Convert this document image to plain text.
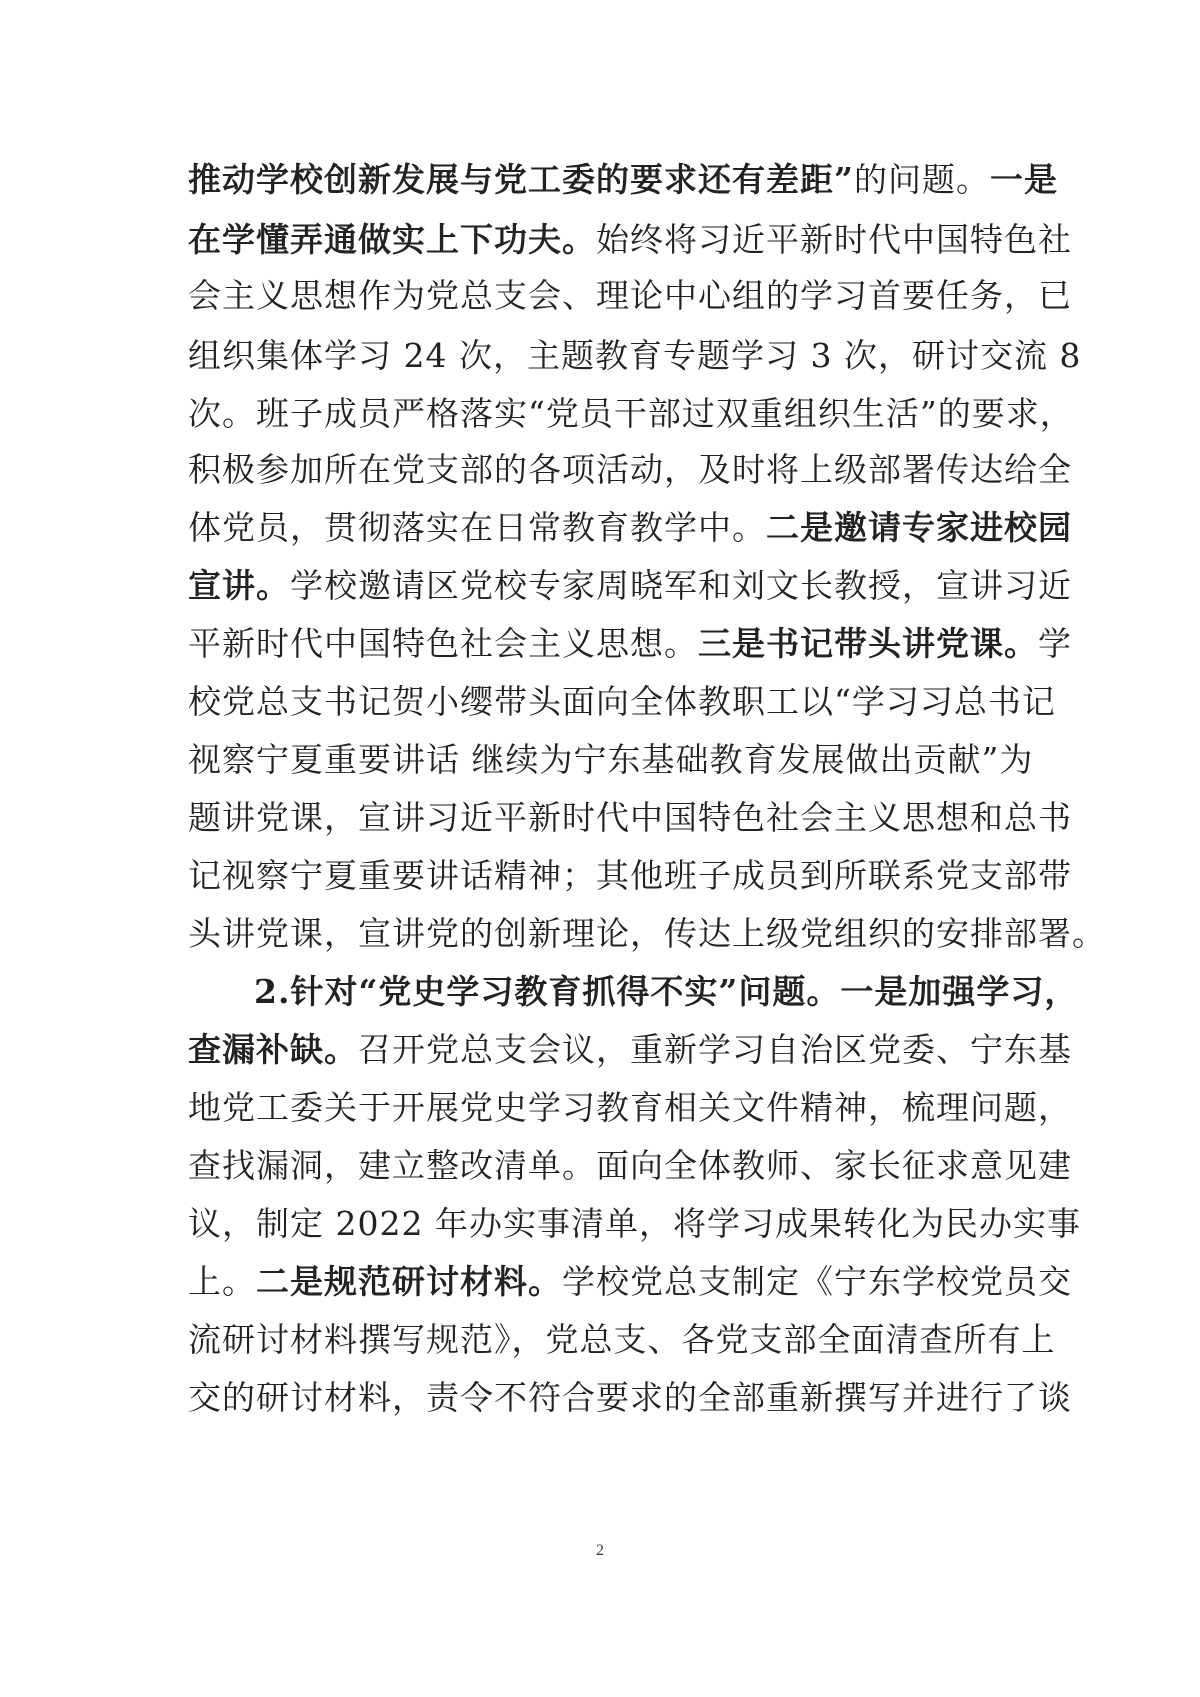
推动学校创新发展与党工委的要求还有差距”的问题。一是
在学懂弄通做实上下功夫。始终将习近平新时代中国特色社
会主义思想作为党总支会、理论中心组的学习首要任务，已
组织集体学习 24 次，主题教育专题学习 3 次，研讨交流 8
次。班子成员严格落实“党员干部过双重组织生活”的要求，
积极参加所在党支部的各项活动，及时将上级部署传达给全
体党员，贯彻落实在日常教育教学中。二是邀请专家进校园
宣讲。学校邀请区党校专家周晓军和刘文长教授，宣讲习近
平新时代中国特色社会主义思想。三是书记带头讲党课。学
校党总支书记贺小缨带头面向全体教职工以“学习习总书记
视察宁夏重要讲话 继续为宁东基础教育发展做出贡献”为
题讲党课，宣讲习近平新时代中国特色社会主义思想和总书
记视察宁夏重要讲话精神；其他班子成员到所联系党支部带
头讲党课，宣讲党的创新理论，传达上级党组织的安排部署。
2.针对“党史学习教育抓得不实”问题。一是加强学习，
查漏补缺。召开党总支会议，重新学习自治区党委、宁东基
地党工委关于开展党史学习教育相关文件精神，梳理问题，
查找漏洞，建立整改清单。面向全体教师、家长征求意见建
议，制定 2022 年办实事清单，将学习成果转化为民办实事
上。二是规范研讨材料。学校党总支制定《宁东学校党员交
流研讨材料撰写规范》，党总支、各党支部全面清查所有上
交的研讨材料，责令不符合要求的全部重新撰写并进行了谈
2
